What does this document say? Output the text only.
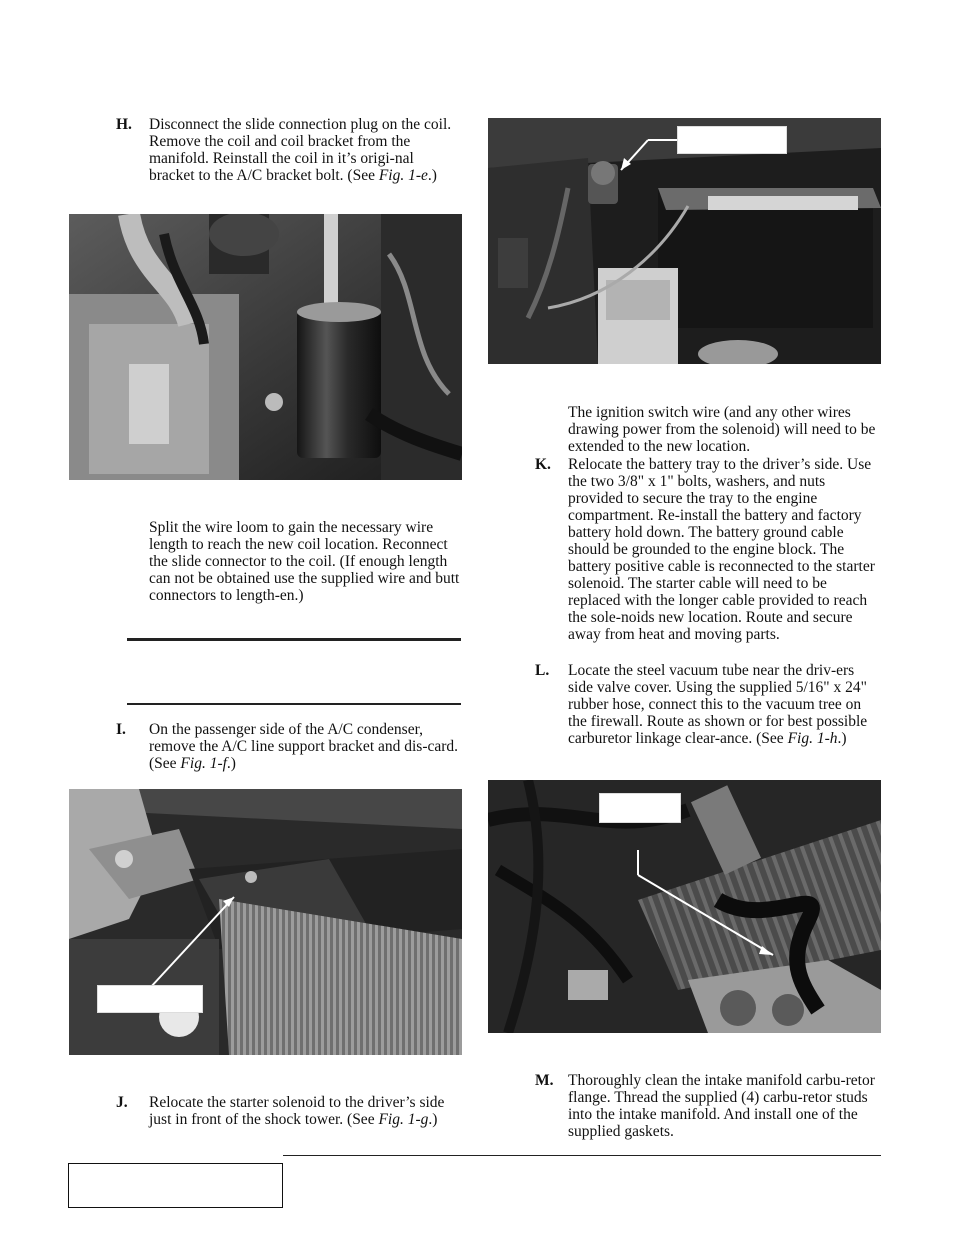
H. Disconnect the slide connection plug on the coil. Remove the coil and coil bracket from the manifold. Reinstall the coil in it’s origi-nal bracket to the A/C bracket bolt. (See Fig. 1-e.)

Split the wire loom to gain the necessary wire length to reach the new coil location. Reconnect the slide connector to the coil. (If enough length can not be obtained use the supplied wire and butt connectors to length-en.)

I. On the passenger side of the A/C condenser, remove the A/C line support bracket and dis-card. (See Fig. 1-f.)

J. Relocate the starter solenoid to the driver’s side just in front of the shock tower. (See Fig. 1-g.)

The ignition switch wire (and any other wires drawing power from the solenoid) will need to be extended to the new location.

K. Relocate the battery tray to the driver’s side. Use the two 3/8" x 1" bolts, washers, and nuts provided to secure the tray to the engine compartment. Re-install the battery and factory battery hold down. The battery ground cable should be grounded to the engine block. The battery positive cable is reconnected to the starter solenoid. The starter cable will need to be replaced with the longer cable provided to reach the sole-noids new location. Route and secure away from heat and moving parts.

L. Locate the steel vacuum tube near the driv-ers side valve cover. Using the supplied 5/16" x 24" rubber hose, connect this to the vacuum tree on the firewall. Route as shown or for best possible carburetor linkage clear-ance. (See Fig. 1-h.)

M. Thoroughly clean the intake manifold carbu-retor flange. Thread the supplied (4) carbu-retor studs into the intake manifold. And install one of the supplied gaskets.
